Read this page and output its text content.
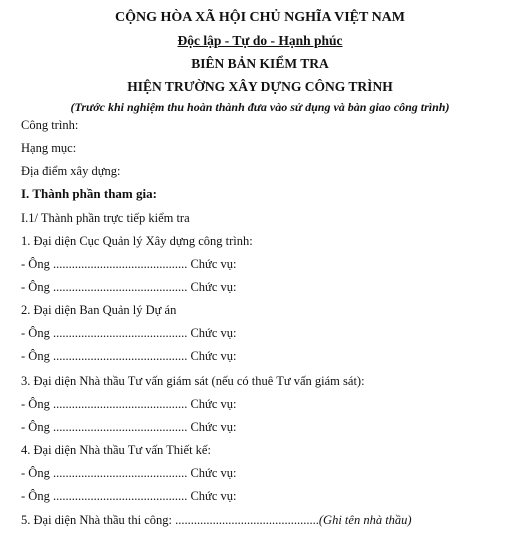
CỘNG HÒA XÃ HỘI CHỦ NGHĨA VIỆT NAM
Độc lập - Tự do - Hạnh phúc
BIÊN BẢN KIỂM TRA
HIỆN TRƯỜNG XÂY DỰNG CÔNG TRÌNH
(Trước khi nghiệm thu hoàn thành đưa vào sử dụng và bàn giao công trình)
Công trình:
Hạng mục:
Địa điểm xây dựng:
I. Thành phần tham gia:
I.1/ Thành phần trực tiếp kiểm tra
1. Đại diện Cục Quản lý Xây dựng công trình:
- Ông ........................................... Chức vụ:
- Ông ........................................... Chức vụ:
2. Đại diện Ban Quản lý Dự án
- Ông ........................................... Chức vụ:
- Ông ........................................... Chức vụ:
3. Đại diện Nhà thầu Tư vấn giám sát (nếu có thuê Tư vấn giám sát):
- Ông ........................................... Chức vụ:
- Ông ........................................... Chức vụ:
4. Đại diện Nhà thầu Tư vấn Thiết kế:
- Ông ........................................... Chức vụ:
- Ông ........................................... Chức vụ:
5. Đại diện Nhà thầu thi công: ..............................................(Ghi tên nhà thầu)
